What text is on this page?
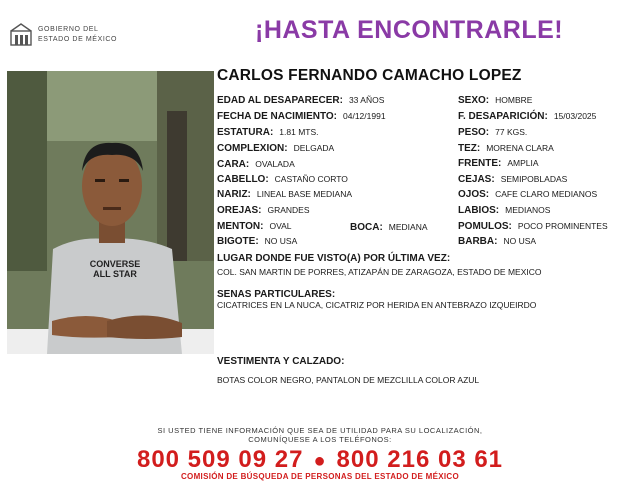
GOBIERNO DEL
ESTADO DE MÉXICO	¡HASTA ENCONTRARLE!
CONVERSE ALL STAR
CARLOS FERNANDO CAMACHO LOPEZ
EDAD AL DESAPARECER: 33 AÑOS
FECHA DE NACIMIENTO: 04/12/1991
ESTATURA: 1.81 MTS.
COMPLEXION: DELGADA
CARA: OVALADA
CABELLO: CASTAÑO CORTO
NARIZ: LINEAL BASE MEDIANA
OREJAS: GRANDES
MENTON: OVAL	BOCA: MEDIANA
BIGOTE: NO USA
SEXO: HOMBRE
F. DESAPARICIÓN: 15/03/2025
PESO: 77 KGS.
TEZ: MORENA CLARA
FRENTE: AMPLIA
CEJAS: SEMIPOBLADAS
OJOS: CAFE CLARO MEDIANOS
LABIOS: MEDIANOS
POMULOS: POCO PROMINENTES
BARBA: NO USA
LUGAR DONDE FUE VISTO(A) POR ÚLTIMA VEZ:
COL. SAN MARTIN DE PORRES, ATIZAPÁN DE ZARAGOZA, ESTADO DE MEXICO
SENAS PARTICULARES:
CICATRICES EN LA NUCA, CICATRIZ POR HERIDA EN ANTEBRAZO IZQUEIRDO
VESTIMENTA Y CALZADO:
BOTAS COLOR NEGRO, PANTALON DE MEZCLILLA COLOR AZUL
SI USTED TIENE INFORMACIÓN QUE SEA DE UTILIDAD PARA SU LOCALIZACIÓN,
COMUNÍQUESE A LOS TELÉFONOS:
800 509 09 27 ● 800 216 03 61
COMISIÓN DE BÚSQUEDA DE PERSONAS DEL ESTADO DE MÉXICO
